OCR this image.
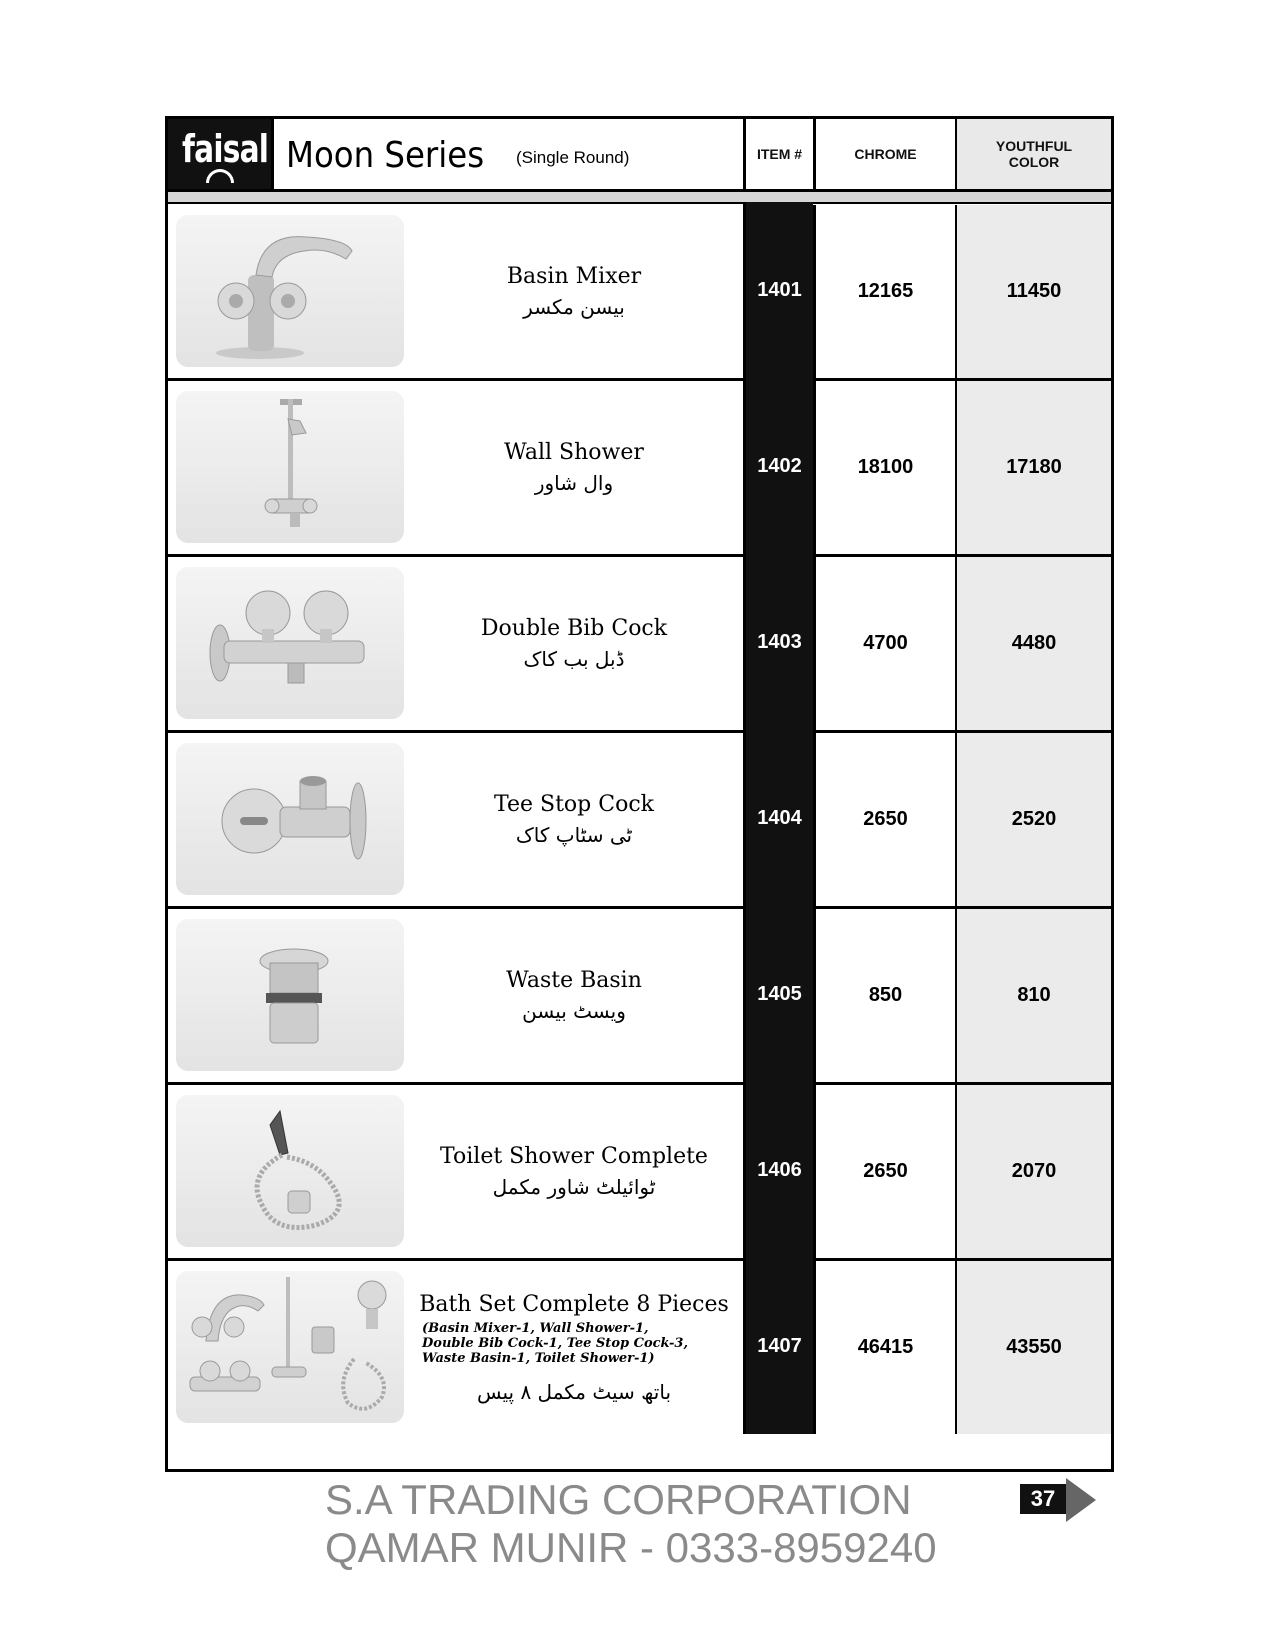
faisal Moon Series (Single Round)	ITEM #	CHROME	YOUTHFUL
COLOR
Basin Mixer
بیسن مکسر
1401	12165	11450
Wall Shower
وال شاور
1402	18100	17180
Double Bib Cock
ڈبل بب کاک
1403	4700	4480
Tee Stop Cock
ٹی سٹاپ کاک
1404	2650	2520
Waste Basin
ویسٹ بیسن
1405	850	810
Toilet Shower Complete
ٹوائیلٹ شاور مکمل
1406	2650	2070
Bath Set Complete 8 Pieces
(Basin Mixer-1, Wall Shower-1,
Double Bib Cock-1, Tee Stop Cock-3,
Waste Basin-1, Toilet Shower-1)
باتھ سیٹ مکمل ۸ پیس
1407	46415	43550
S.A TRADING CORPORATION
QAMAR MUNIR - 0333-8959240
37
